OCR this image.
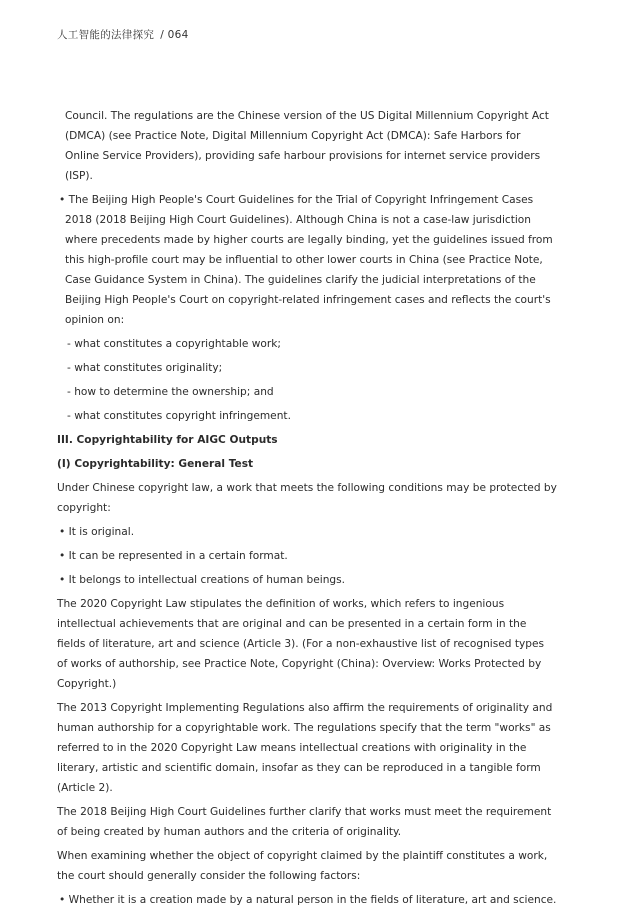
人工智能的法律探究 / 064

Council. The regulations are the Chinese version of the US Digital Millennium Copyright Act (DMCA) (see Practice Note, Digital Millennium Copyright Act (DMCA): Safe Harbors for Online Service Providers), providing safe harbour provisions for internet service providers (ISP).

• The Beijing High People's Court Guidelines for the Trial of Copyright Infringement Cases 2018 (2018 Beijing High Court Guidelines). Although China is not a case-law jurisdiction where precedents made by higher courts are legally binding, yet the guidelines issued from this high-profile court may be influential to other lower courts in China (see Practice Note, Case Guidance System in China). The guidelines clarify the judicial interpretations of the Beijing High People's Court on copyright-related infringement cases and reflects the court's opinion on:

- what constitutes a copyrightable work;

- what constitutes originality;

- how to determine the ownership; and

- what constitutes copyright infringement.

III. Copyrightability for AIGC Outputs

(I) Copyrightability: General Test

Under Chinese copyright law, a work that meets the following conditions may be protected by copyright:

• It is original.

• It can be represented in a certain format.

• It belongs to intellectual creations of human beings.

The 2020 Copyright Law stipulates the definition of works, which refers to ingenious intellectual achievements that are original and can be presented in a certain form in the fields of literature, art and science (Article 3). (For a non-exhaustive list of recognised types of works of authorship, see Practice Note, Copyright (China): Overview: Works Protected by Copyright.)

The 2013 Copyright Implementing Regulations also affirm the requirements of originality and human authorship for a copyrightable work. The regulations specify that the term "works" as referred to in the 2020 Copyright Law means intellectual creations with originality in the literary, artistic and scientific domain, insofar as they can be reproduced in a tangible form (Article 2).

The 2018 Beijing High Court Guidelines further clarify that works must meet the requirement of being created by human authors and the criteria of originality.

When examining whether the object of copyright claimed by the plaintiff constitutes a work, the court should generally consider the following factors:

• Whether it is a creation made by a natural person in the fields of literature, art and science.
